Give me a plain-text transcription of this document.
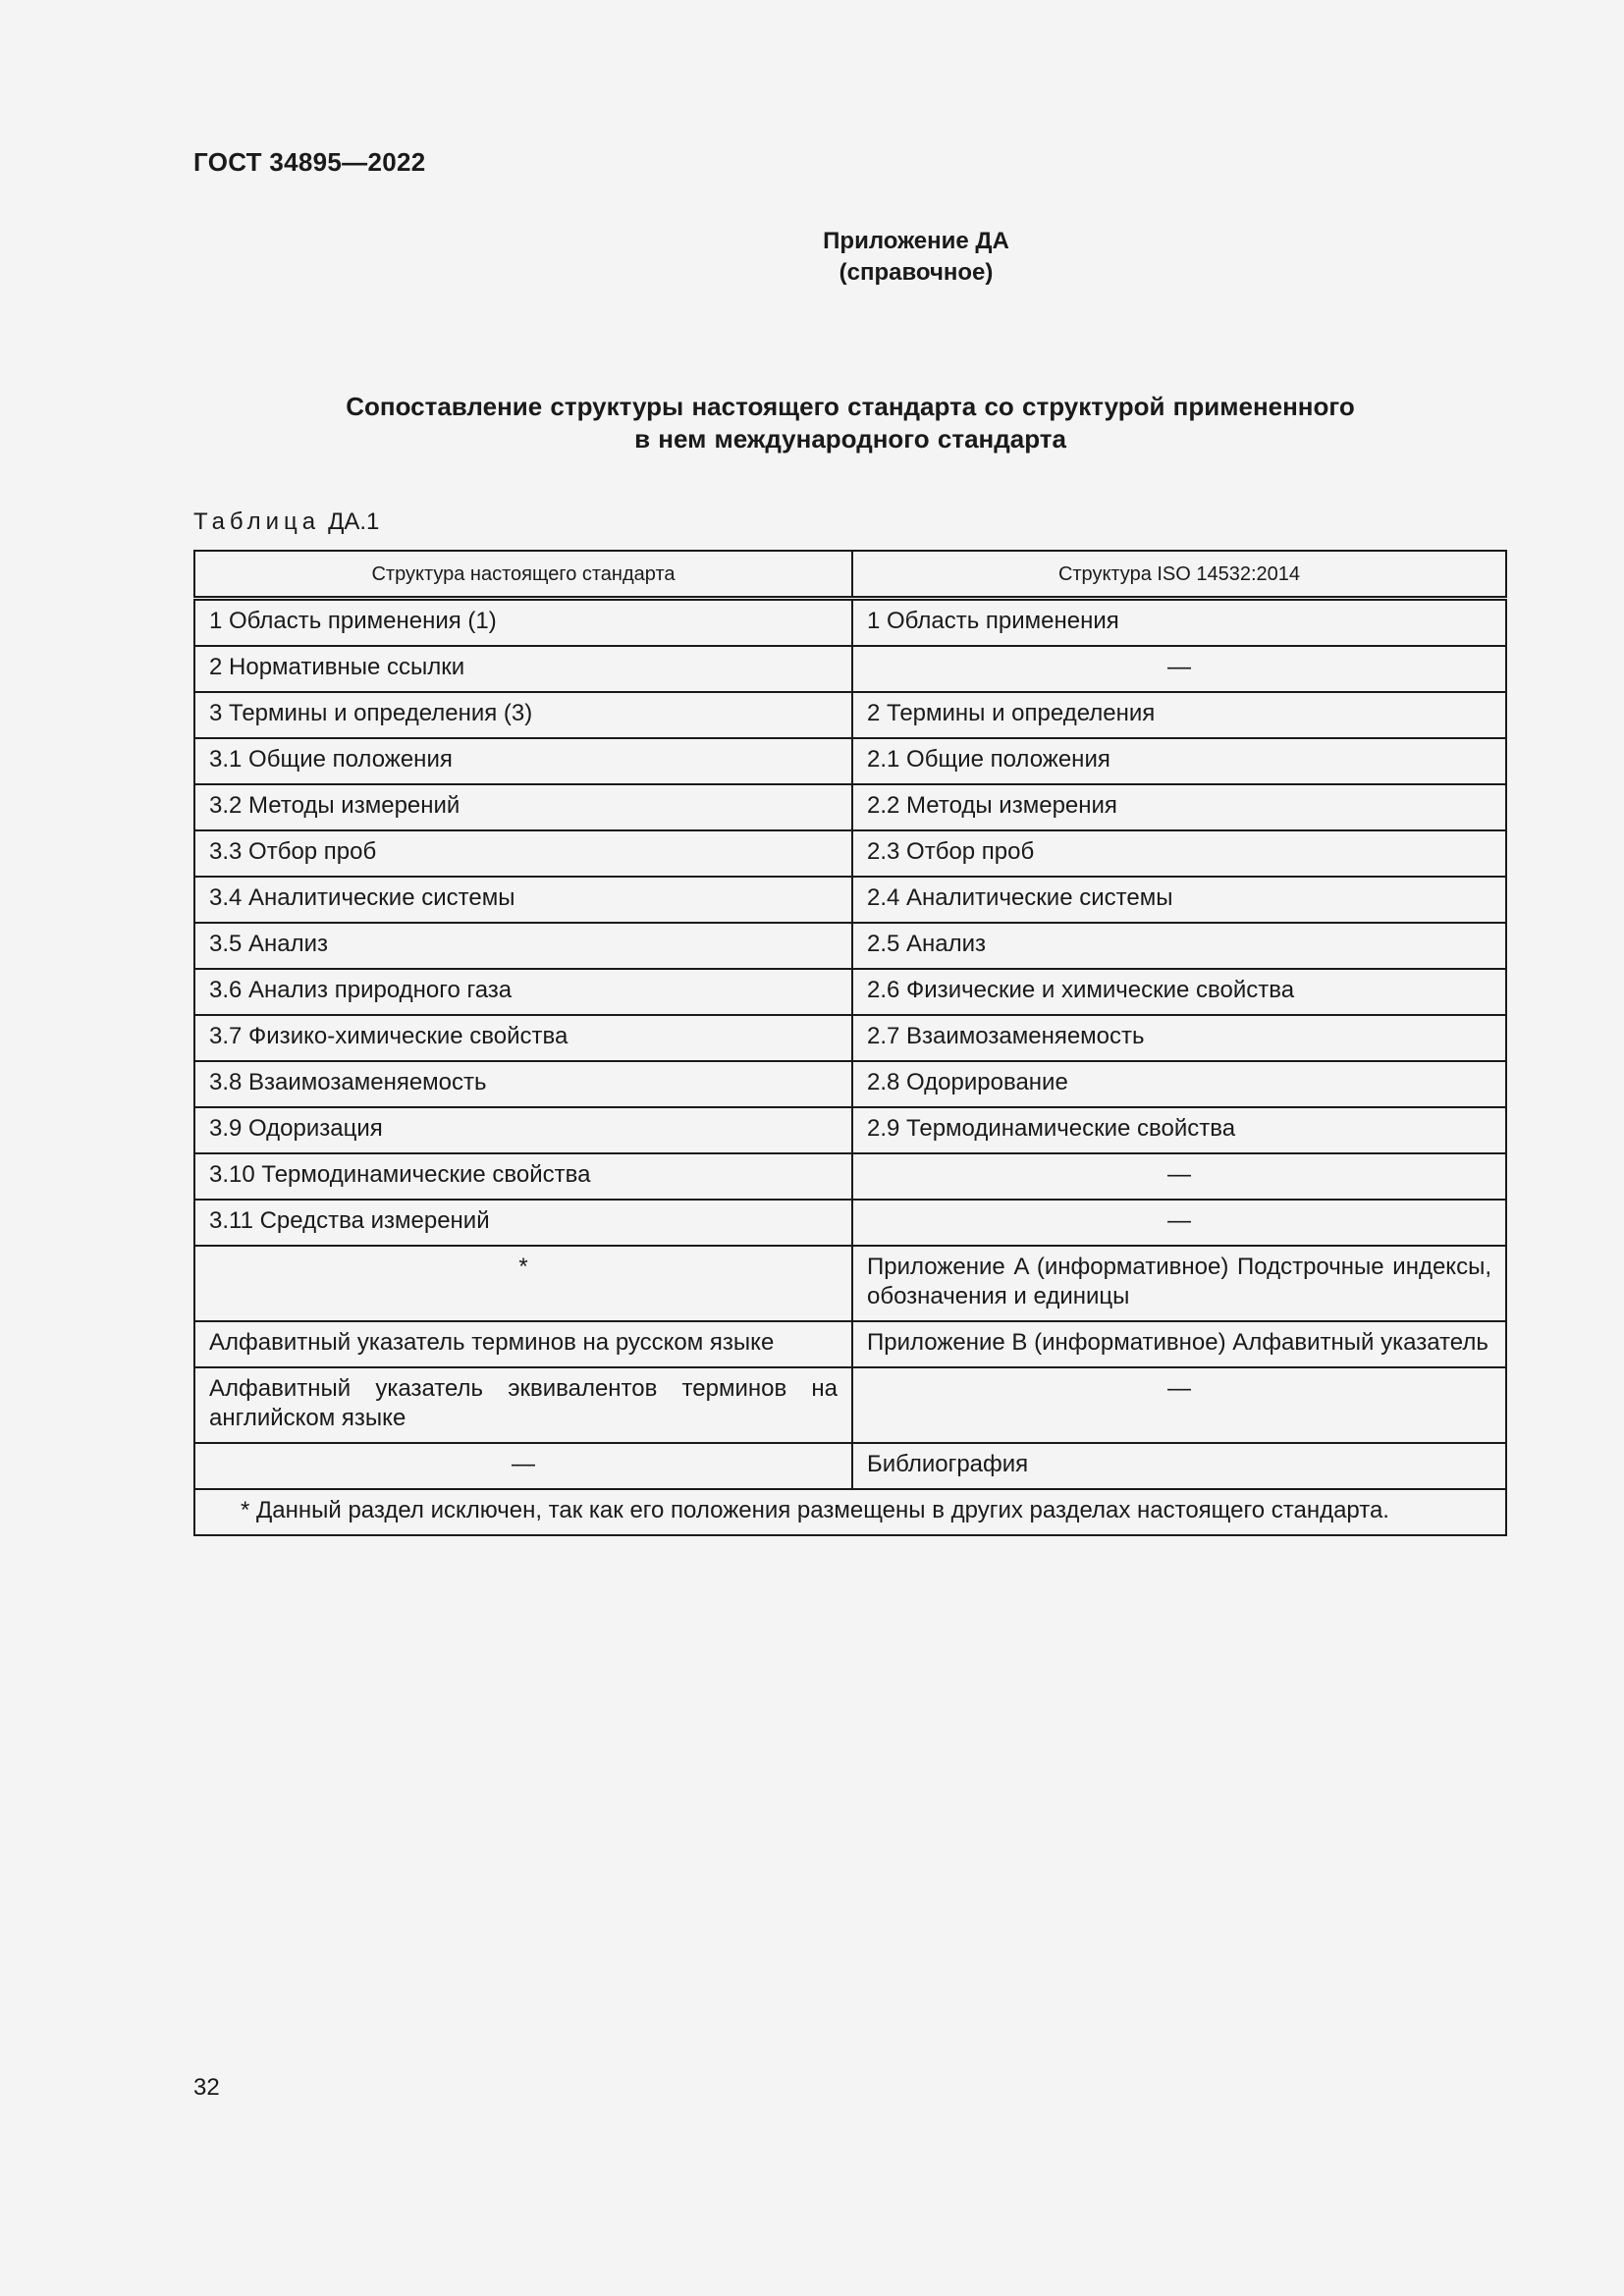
ГОСТ 34895—2022
Приложение ДА
(справочное)
Сопоставление структуры настоящего стандарта со структурой примененного
в нем международного стандарта
Таблица ДА.1
Структура настоящего стандарта	Структура ISO 14532:2014
1 Область применения (1)	1 Область применения
2 Нормативные ссылки	—
3 Термины и определения (3)	2 Термины и определения
3.1 Общие положения	2.1 Общие положения
3.2 Методы измерений	2.2 Методы измерения
3.3 Отбор проб	2.3 Отбор проб
3.4 Аналитические системы	2.4 Аналитические системы
3.5 Анализ	2.5 Анализ
3.6 Анализ природного газа	2.6 Физические и химические свойства
3.7 Физико-химические свойства	2.7 Взаимозаменяемость
3.8 Взаимозаменяемость	2.8 Одорирование
3.9 Одоризация	2.9 Термодинамические свойства
3.10 Термодинамические свойства	—
3.11 Средства измерений	—
*	Приложение A (информативное) Подстрочные индексы, обозначения и единицы
Алфавитный указатель терминов на русском языке	Приложение B (информативное) Алфавитный указатель
Алфавитный указатель эквивалентов терминов на английском языке	—
—	Библиография
* Данный раздел исключен, так как его положения размещены в других разделах настоящего стандарта.	
32
